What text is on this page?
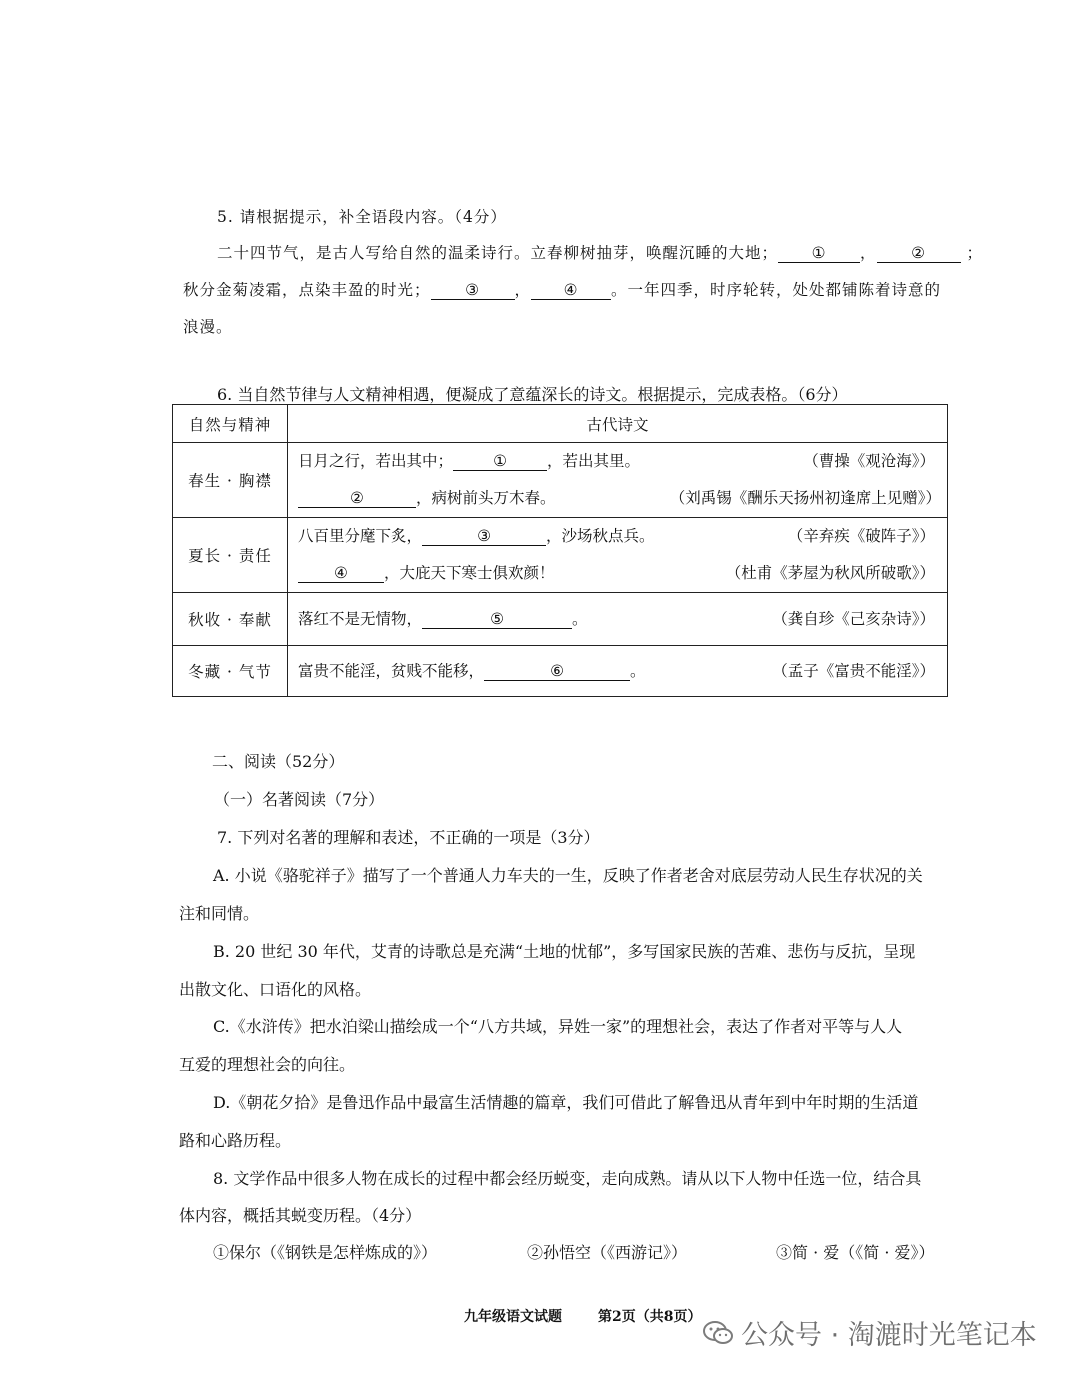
5. 请根据提示，补全语段内容。（4分）
二十四节气，是古人写给自然的温柔诗行。立春柳树抽芽，唤醒沉睡的大地； ① ， ②	；
秋分金菊凌霜，点染丰盈的时光； ③ ， ④ 。一年四季，时序轮转，处处都铺陈着诗意的
浪漫。
6. 当自然节律与人文精神相遇，便凝成了意蕴深长的诗文。根据提示，完成表格。（6分）
自然与精神	古代诗文
春生 · 胸襟	日月之行，若出其中； ① ，若出其里。 （曹操《观沧海》）
② ，病树前头万木春。 （刘禹锡《酬乐天扬州初逢席上见赠》）

夏长 · 责任	八百里分麾下炙， ③ ，沙场秋点兵。 （辛弃疾《破阵子》）
④ ，大庇天下寒士俱欢颜！ （杜甫《茅屋为秋风所破歌》）

秋收 · 奉献	落红不是无情物， ⑤ 。 （龚自珍《己亥杂诗》）

冬藏 · 气节	富贵不能淫，贫贱不能移， ⑥ 。 （孟子《富贵不能淫》）
二、阅读（52分）
（一）名著阅读（7分）
7. 下列对名著的理解和表述，不正确的一项是（3分）
A. 小说《骆驼祥子》描写了一个普通人力车夫的一生，反映了作者老舍对底层劳动人民生存状况的关
注和同情。
B. 20 世纪 30 年代，艾青的诗歌总是充满“土地的忧郁”，多写国家民族的苦难、悲伤与反抗，呈现
出散文化、口语化的风格。
C.《水浒传》把水泊梁山描绘成一个“八方共域，异姓一家”的理想社会，表达了作者对平等与人人
互爱的理想社会的向往。
D.《朝花夕拾》是鲁迅作品中最富生活情趣的篇章，我们可借此了解鲁迅从青年到中年时期的生活道
路和心路历程。
8. 文学作品中很多人物在成长的过程中都会经历蜕变，走向成熟。请从以下人物中任选一位，结合具
体内容，概括其蜕变历程。（4分）
①保尔（《钢铁是怎样炼成的》）	②孙悟空（《西游记》）	③简 · 爱（《简 · 爱》）
九年级语文试题	第2页（共8页）
公众号 · 淘漉时光笔记本
